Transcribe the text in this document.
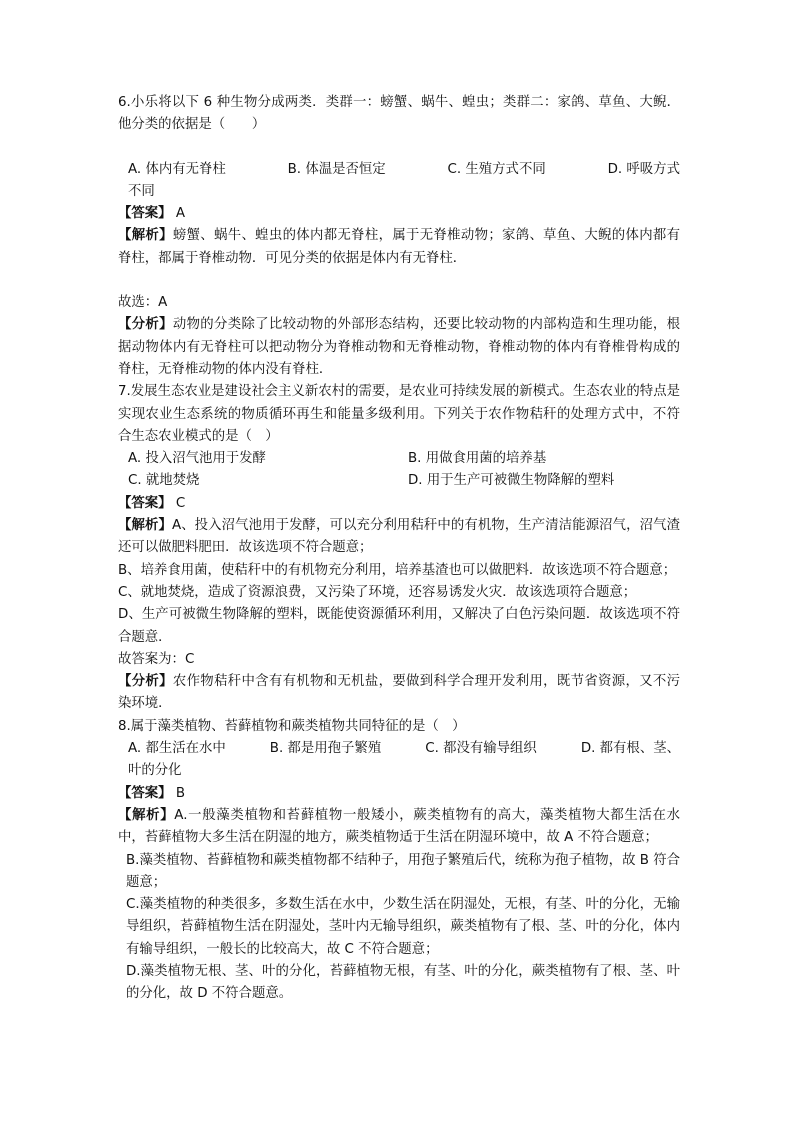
6.小乐将以下 6 种生物分成两类．类群一：螃蟹、蜗牛、蝗虫；类群二：家鸽、草鱼、大鲵．他分类的依据是（　　）

A. 体内有无脊柱	B. 体温是否恒定	C. 生殖方式不同	D. 呼吸方式

不同

【答案】 A

【解析】螃蟹、蜗牛、蝗虫的体内都无脊柱，属于无脊椎动物；家鸽、草鱼、大鲵的体内都有脊柱，都属于脊椎动物．可见分类的依据是体内有无脊柱．

故选：A

【分析】动物的分类除了比较动物的外部形态结构，还要比较动物的内部构造和生理功能，根据动物体内有无脊柱可以把动物分为脊椎动物和无脊椎动物，脊椎动物的体内有脊椎骨构成的脊柱，无脊椎动物的体内没有脊柱．

7.发展生态农业是建设社会主义新农村的需要，是农业可持续发展的新模式。生态农业的特点是实现农业生态系统的物质循环再生和能量多级利用。下列关于农作物秸秆的处理方式中，不符合生态农业模式的是（　）

A. 投入沼气池用于发酵	B. 用做食用菌的培养基
C. 就地焚烧	D. 用于生产可被微生物降解的塑料

【答案】 C

【解析】A、投入沼气池用于发酵，可以充分利用秸秆中的有机物，生产清洁能源沼气，沼气渣还可以做肥料肥田．故该选项不符合题意；

B、培养食用菌，使秸秆中的有机物充分利用，培养基渣也可以做肥料．故该选项不符合题意；

C、就地焚烧，造成了资源浪费，又污染了环境，还容易诱发火灾．故该选项符合题意；

D、生产可被微生物降解的塑料，既能使资源循环利用，又解决了白色污染问题．故该选项不符合题意．

故答案为：C

【分析】农作物秸秆中含有有机物和无机盐，要做到科学合理开发利用，既节省资源，又不污染环境．

8.属于藻类植物、苔藓植物和蕨类植物共同特征的是（　）

A. 都生活在水中	B. 都是用孢子繁殖	C. 都没有输导组织	D. 都有根、茎、

叶的分化

【答案】 B

【解析】A.一般藻类植物和苔藓植物一般矮小，蕨类植物有的高大，藻类植物大都生活在水中，苔藓植物大多生活在阴湿的地方，蕨类植物适于生活在阴湿环境中，故 A 不符合题意；

B.藻类植物、苔藓植物和蕨类植物都不结种子，用孢子繁殖后代，统称为孢子植物，故 B 符合题意；

C.藻类植物的种类很多，多数生活在水中，少数生活在阴湿处，无根，有茎、叶的分化，无输导组织，苔藓植物生活在阴湿处，茎叶内无输导组织，蕨类植物有了根、茎、叶的分化，体内有输导组织，一般长的比较高大，故 C 不符合题意；

D.藻类植物无根、茎、叶的分化，苔藓植物无根，有茎、叶的分化，蕨类植物有了根、茎、叶的分化，故 D 不符合题意。
